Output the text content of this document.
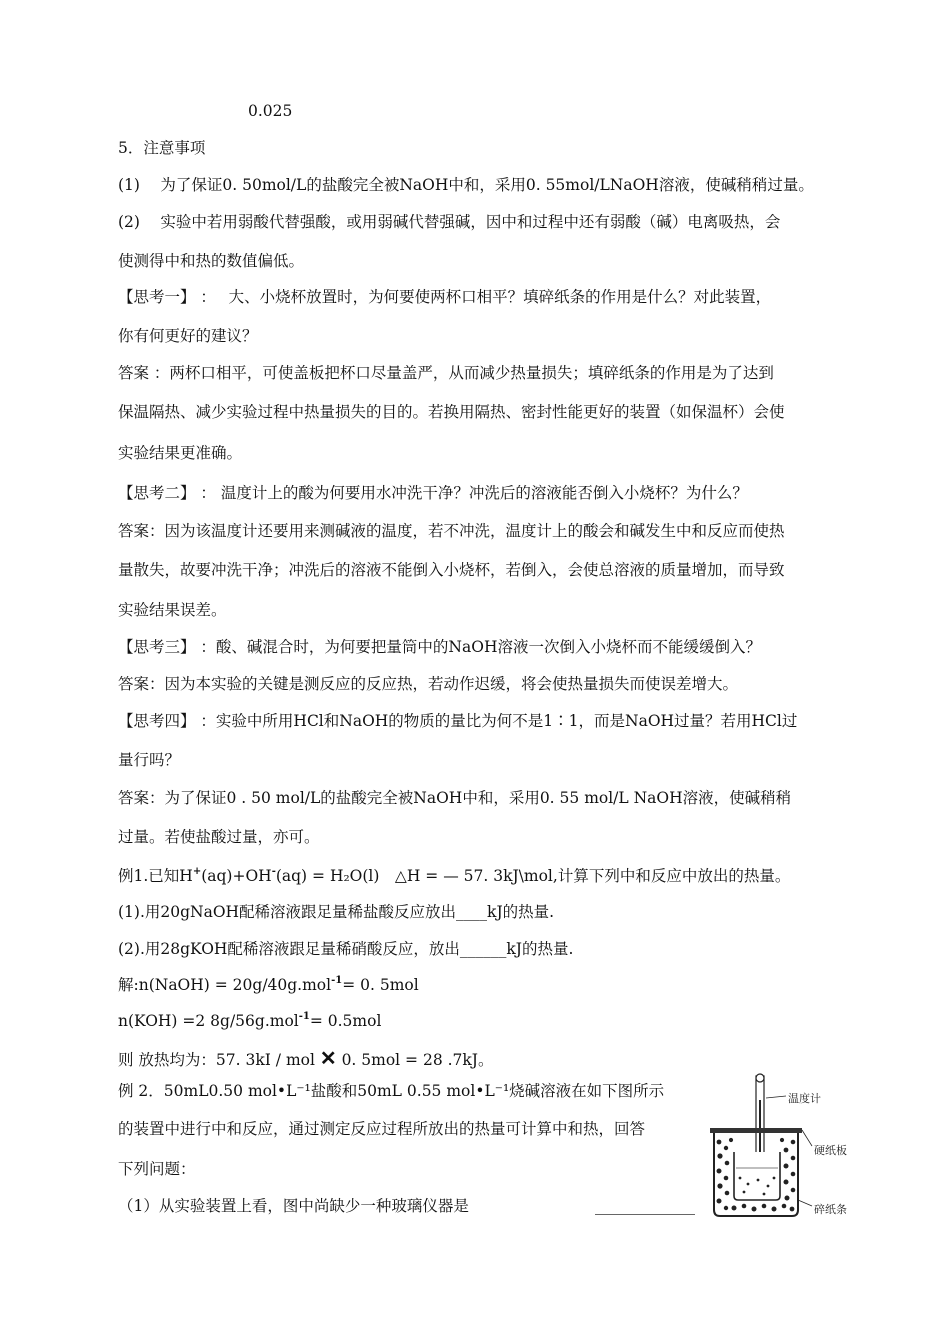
0.025
5．注意事项
(1)　 为了保证0. 50mol/L的盐酸完全被NaOH中和，采用0. 55mol/LNaOH溶液，使碱稍稍过量。
(2)　 实验中若用弱酸代替强酸，或用弱碱代替强碱，因中和过程中还有弱酸（碱）电离吸热，会
使测得中和热的数值偏低。
【思考一】 ：　 大、小烧杯放置时，为何要使两杯口相平？填碎纸条的作用是什么？对此装置，
你有何更好的建议？
答案 ：两杯口相平，可使盖板把杯口尽量盖严，从而减少热量损失；填碎纸条的作用是为了达到
保温隔热、减少实验过程中热量损失的目的。若换用隔热、密封性能更好的装置（如保温杯）会使
实验结果更准确。
【思考二】 ： 温度计上的酸为何要用水冲洗干净？冲洗后的溶液能否倒入小烧杯？为什么？
答案：因为该温度计还要用来测碱液的温度，若不冲洗，温度计上的酸会和碱发生中和反应而使热
量散失，故要冲洗干净；冲洗后的溶液不能倒入小烧杯，若倒入，会使总溶液的质量增加，而导致
实验结果误差。
【思考三】 ：酸、碱混合时，为何要把量筒中的NaOH溶液一次倒入小烧杯而不能缓缓倒入？
答案：因为本实验的关键是测反应的反应热，若动作迟缓，将会使热量损失而使误差增大。
【思考四】 ：实验中所用HCl和NaOH的物质的量比为何不是1∶1，而是NaOH过量？若用HCl过
量行吗？
答案：为了保证0 . 50 mol/L的盐酸完全被NaOH中和，采用0. 55 mol/L NaOH溶液，使碱稍稍
过量。若使盐酸过量，亦可。
例1.已知H+(aq)+OH-(aq) = H₂O(l)　△H = — 57. 3kJ\mol,计算下列中和反应中放出的热量。
(1).用20gNaOH配稀溶液跟足量稀盐酸反应放出____kJ的热量.
(2).用28gKOH配稀溶液跟足量稀硝酸反应，放出______kJ的热量.
解:n(NaOH) = 20g/40g.mol$^{-1}$= 0. 5mol
n(KOH) =2 8g/56g.mol$^{-1}$= 0.5mol
则 放热均为：57. 3kI / mol ✕ 0. 5mol = 28 .7kJ。
例 2．50mL0.50 mol•L⁻¹盐酸和50mL 0.55 mol•L⁻¹烧碱溶液在如下图所示
的装置中进行中和反应，通过测定反应过程所放出的热量可计算中和热，回答
下列问题：
（1）从实验装置上看，图中尚缺少一种玻璃仪器是
温度计
硬纸板
碎纸条
